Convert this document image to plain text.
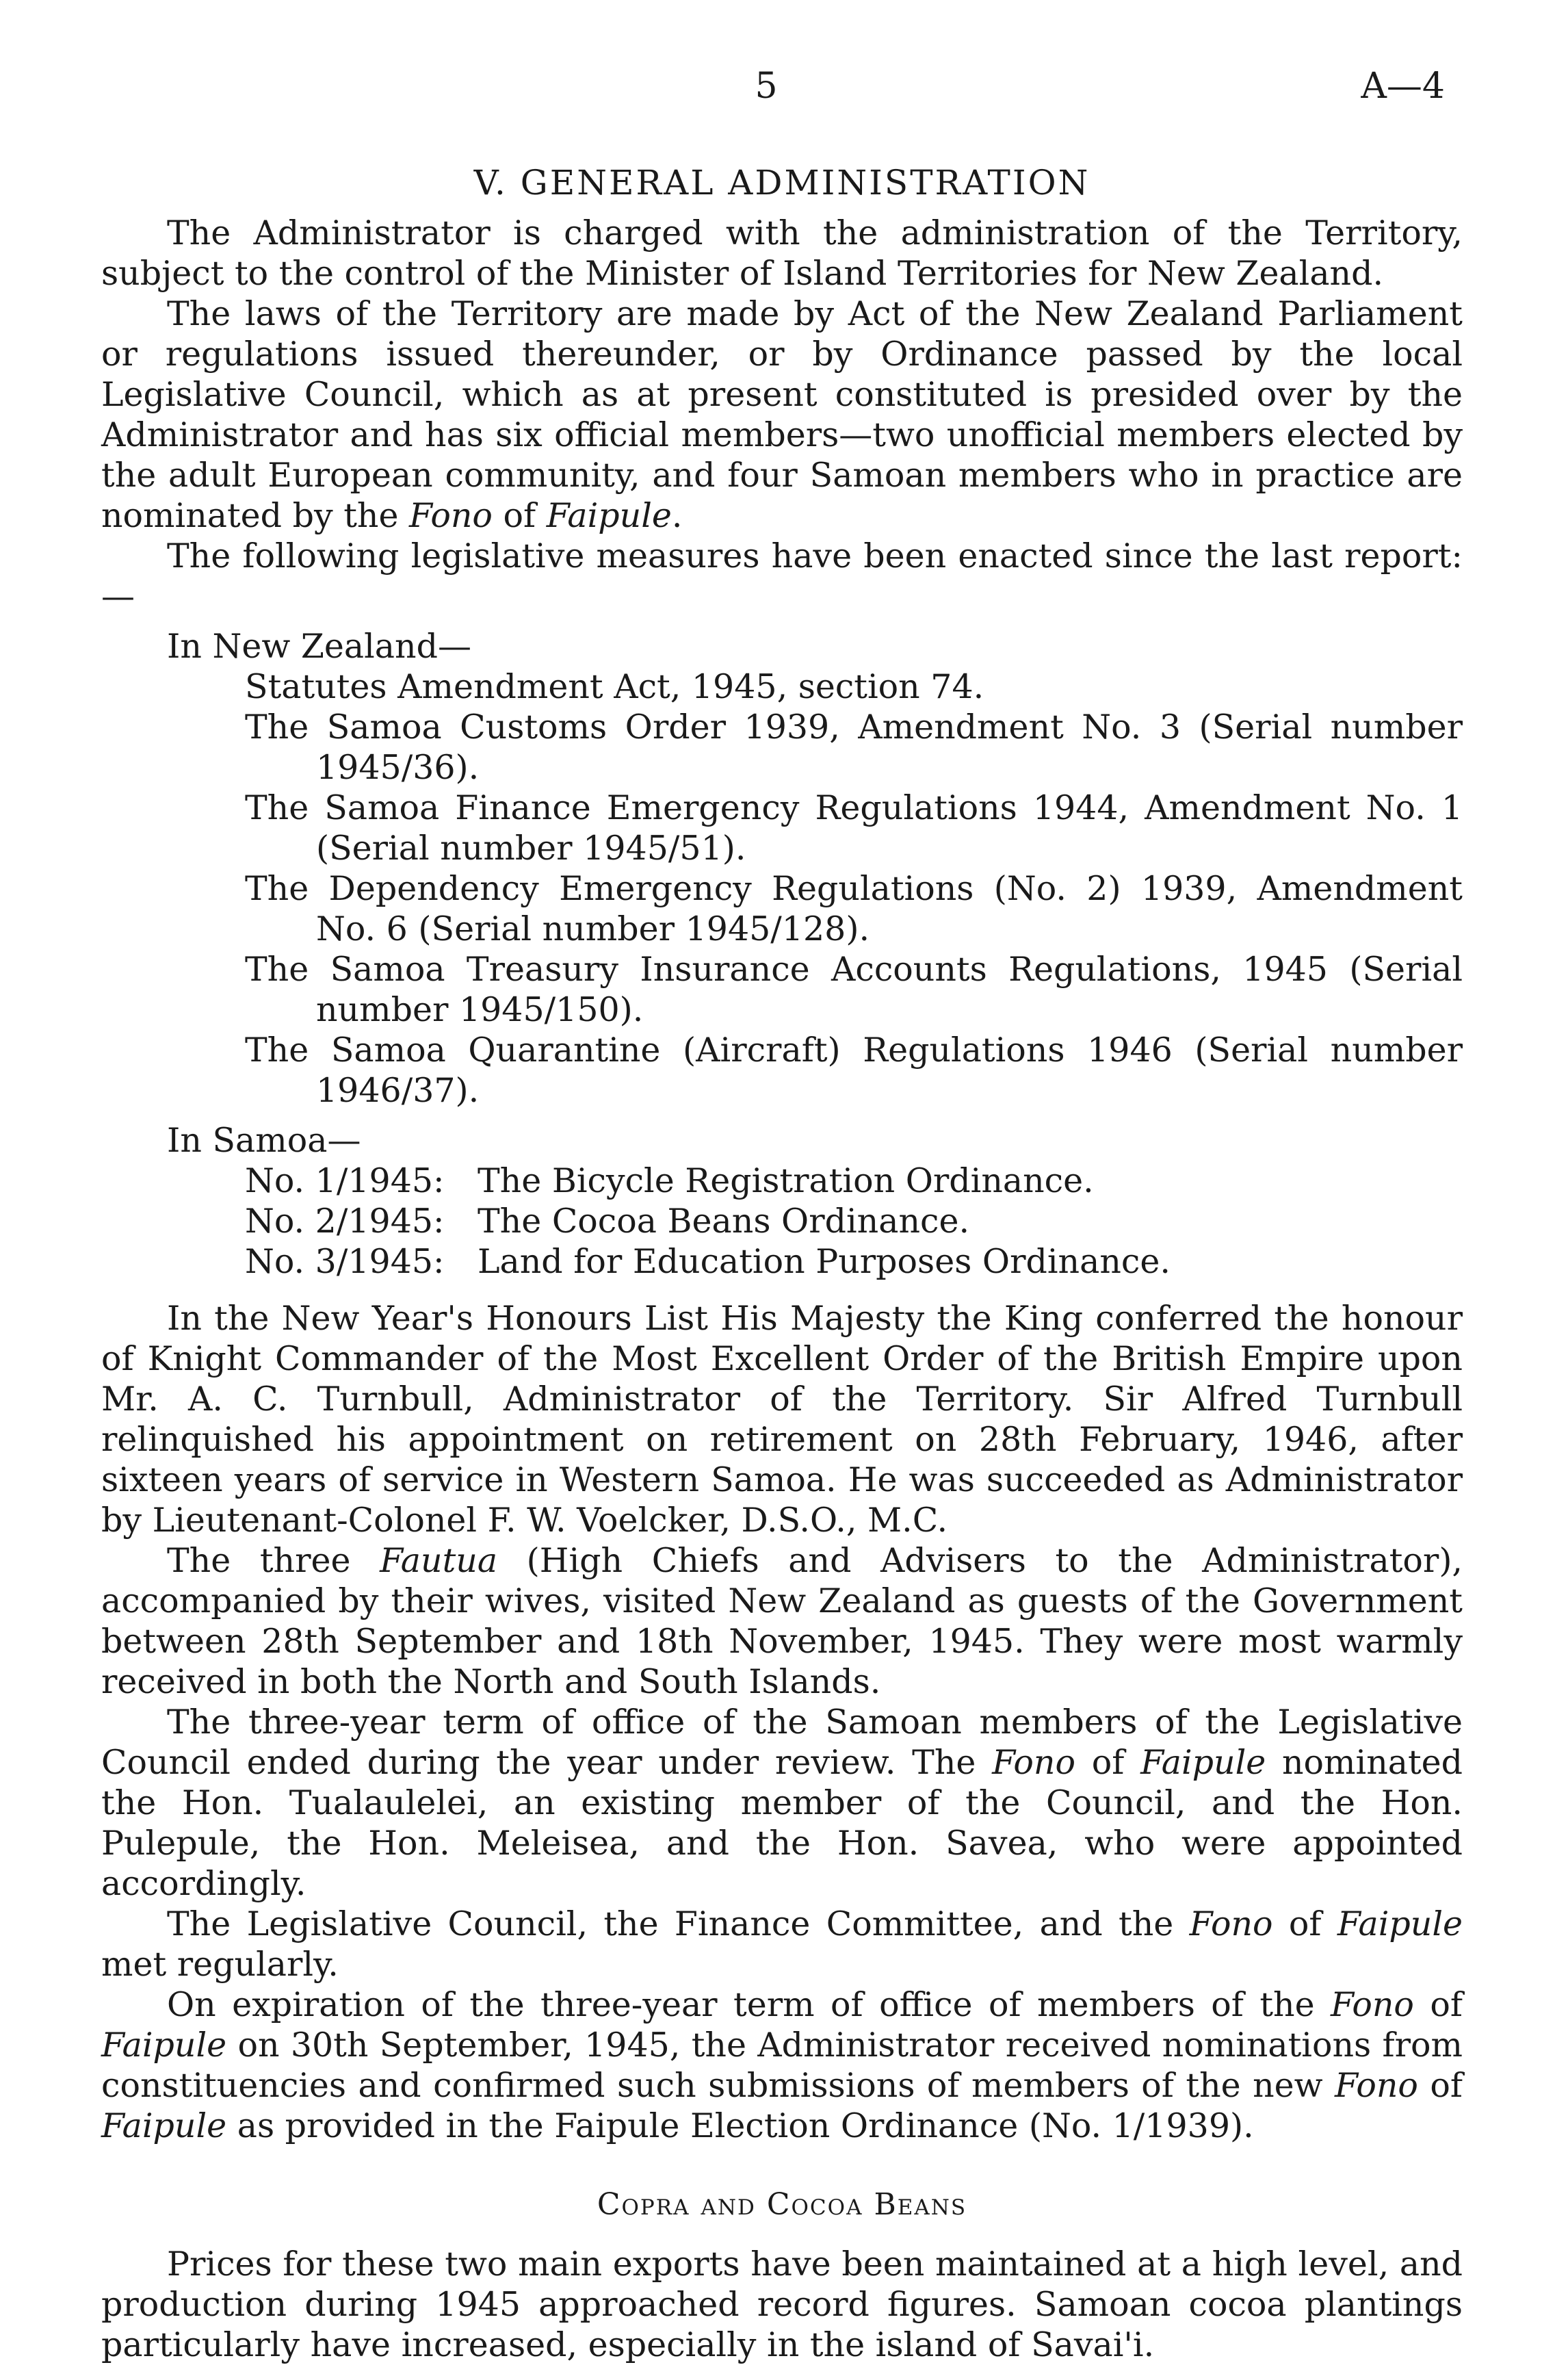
5	A—4
V. GENERAL ADMINISTRATION

The Administrator is charged with the administration of the Territory, subject to the control of the Minister of Island Territories for New Zealand.

The laws of the Territory are made by Act of the New Zealand Parliament or regulations issued thereunder, or by Ordinance passed by the local Legislative Council, which as at present constituted is presided over by the Administrator and has six official members—two unofficial members elected by the adult European community, and four Samoan members who in practice are nominated by the Fono of Faipule.

The following legislative measures have been enacted since the last report:—

In New Zealand—
Statutes Amendment Act, 1945, section 74.
The Samoa Customs Order 1939, Amendment No. 3 (Serial number 1945/36).
The Samoa Finance Emergency Regulations 1944, Amendment No. 1 (Serial number 1945/51).
The Dependency Emergency Regulations (No. 2) 1939, Amendment No. 6 (Serial number 1945/128).
The Samoa Treasury Insurance Accounts Regulations, 1945 (Serial number 1945/150).
The Samoa Quarantine (Aircraft) Regulations 1946 (Serial number 1946/37).
In Samoa—
No. 1/1945: The Bicycle Registration Ordinance.
No. 2/1945: The Cocoa Beans Ordinance.
No. 3/1945: Land for Education Purposes Ordinance.

In the New Year's Honours List His Majesty the King conferred the honour of Knight Commander of the Most Excellent Order of the British Empire upon Mr. A. C. Turnbull, Administrator of the Territory. Sir Alfred Turnbull relinquished his appointment on retirement on 28th February, 1946, after sixteen years of service in Western Samoa. He was succeeded as Administrator by Lieutenant-Colonel F. W. Voelcker, D.S.O., M.C.

The three Fautua (High Chiefs and Advisers to the Administrator), accompanied by their wives, visited New Zealand as guests of the Government between 28th September and 18th November, 1945. They were most warmly received in both the North and South Islands.

The three-year term of office of the Samoan members of the Legislative Council ended during the year under review. The Fono of Faipule nominated the Hon. Tualaulelei, an existing member of the Council, and the Hon. Pulepule, the Hon. Meleisea, and the Hon. Savea, who were appointed accordingly.

The Legislative Council, the Finance Committee, and the Fono of Faipule met regularly.

On expiration of the three-year term of office of members of the Fono of Faipule on 30th September, 1945, the Administrator received nominations from constituencies and confirmed such submissions of members of the new Fono of Faipule as provided in the Faipule Election Ordinance (No. 1/1939).

Copra and Cocoa Beans

Prices for these two main exports have been maintained at a high level, and production during 1945 approached record figures. Samoan cocoa plantings particularly have increased, especially in the island of Savai'i.
